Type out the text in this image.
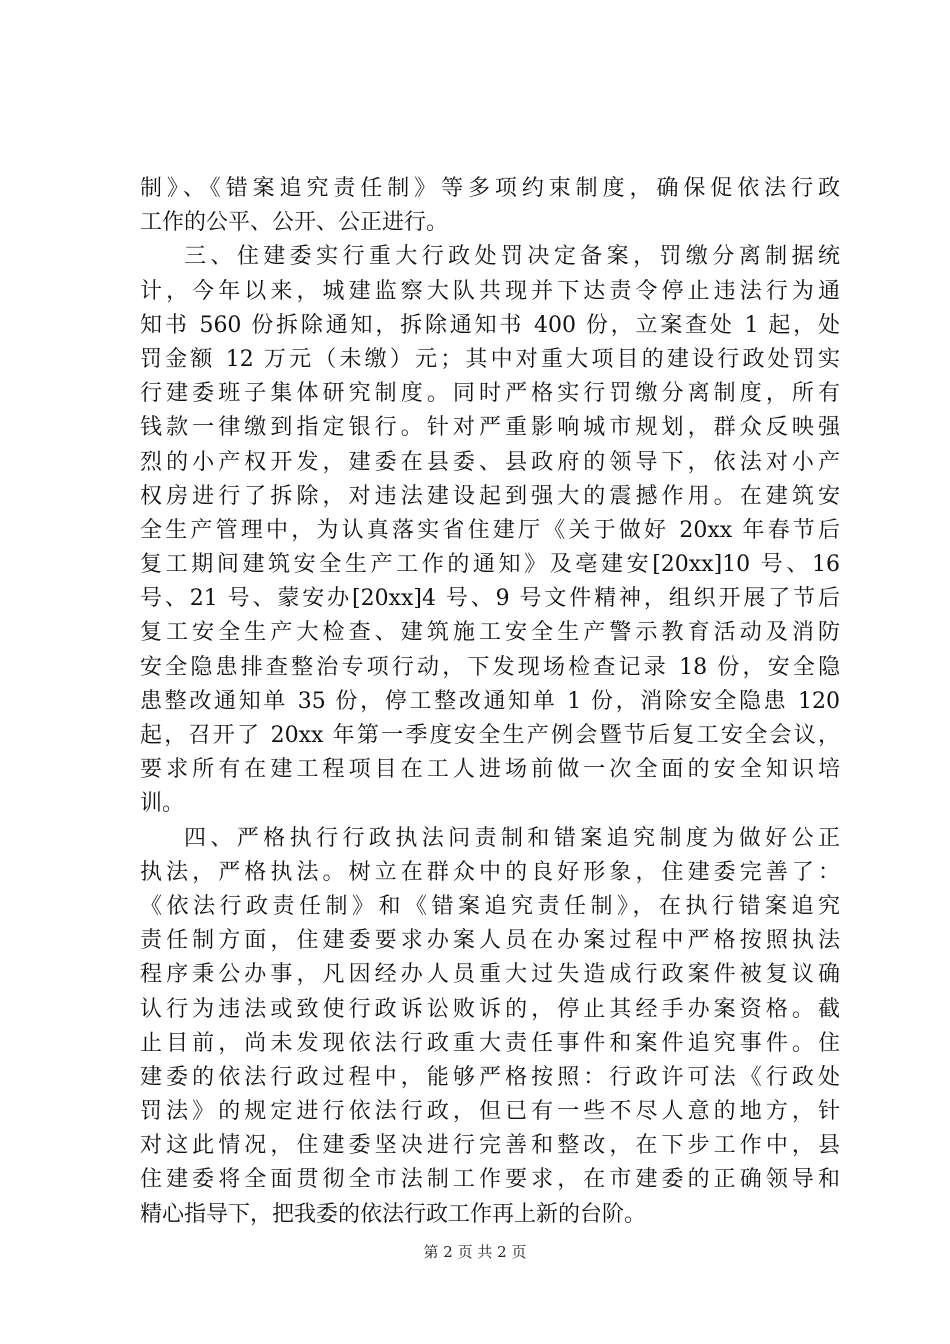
制》、《错案追究责任制》等多项约束制度，确保促依法行政
工作的公平、公开、公正进行。
三、住建委实行重大行政处罚决定备案，罚缴分离制据统
计，今年以来，城建监察大队共现并下达责令停止违法行为通
知书 560 份拆除通知，拆除通知书 400 份，立案查处 1 起，处
罚金额 12 万元（未缴）元；其中对重大项目的建设行政处罚实
行建委班子集体研究制度。同时严格实行罚缴分离制度，所有
钱款一律缴到指定银行。针对严重影响城市规划，群众反映强
烈的小产权开发，建委在县委、县政府的领导下，依法对小产
权房进行了拆除，对违法建设起到强大的震撼作用。在建筑安
全生产管理中，为认真落实省住建厅《关于做好 20xx 年春节后
复工期间建筑安全生产工作的通知》及亳建安[20xx]10 号、16
号、21 号、蒙安办[20xx]4 号、9 号文件精神，组织开展了节后
复工安全生产大检查、建筑施工安全生产警示教育活动及消防
安全隐患排查整治专项行动，下发现场检查记录 18 份，安全隐
患整改通知单 35 份，停工整改通知单 1 份，消除安全隐患 120
起，召开了 20xx 年第一季度安全生产例会暨节后复工安全会议，
要求所有在建工程项目在工人进场前做一次全面的安全知识培
训。
四、严格执行行政执法问责制和错案追究制度为做好公正
执法，严格执法。树立在群众中的良好形象，住建委完善了：
《依法行政责任制》和《错案追究责任制》，在执行错案追究
责任制方面，住建委要求办案人员在办案过程中严格按照执法
程序秉公办事，凡因经办人员重大过失造成行政案件被复议确
认行为违法或致使行政诉讼败诉的，停止其经手办案资格。截
止目前，尚未发现依法行政重大责任事件和案件追究事件。住
建委的依法行政过程中，能够严格按照：行政许可法《行政处
罚法》的规定进行依法行政，但已有一些不尽人意的地方，针
对这此情况，住建委坚决进行完善和整改，在下步工作中，县
住建委将全面贯彻全市法制工作要求，在市建委的正确领导和
精心指导下，把我委的依法行政工作再上新的台阶。
第 2 页 共 2 页
